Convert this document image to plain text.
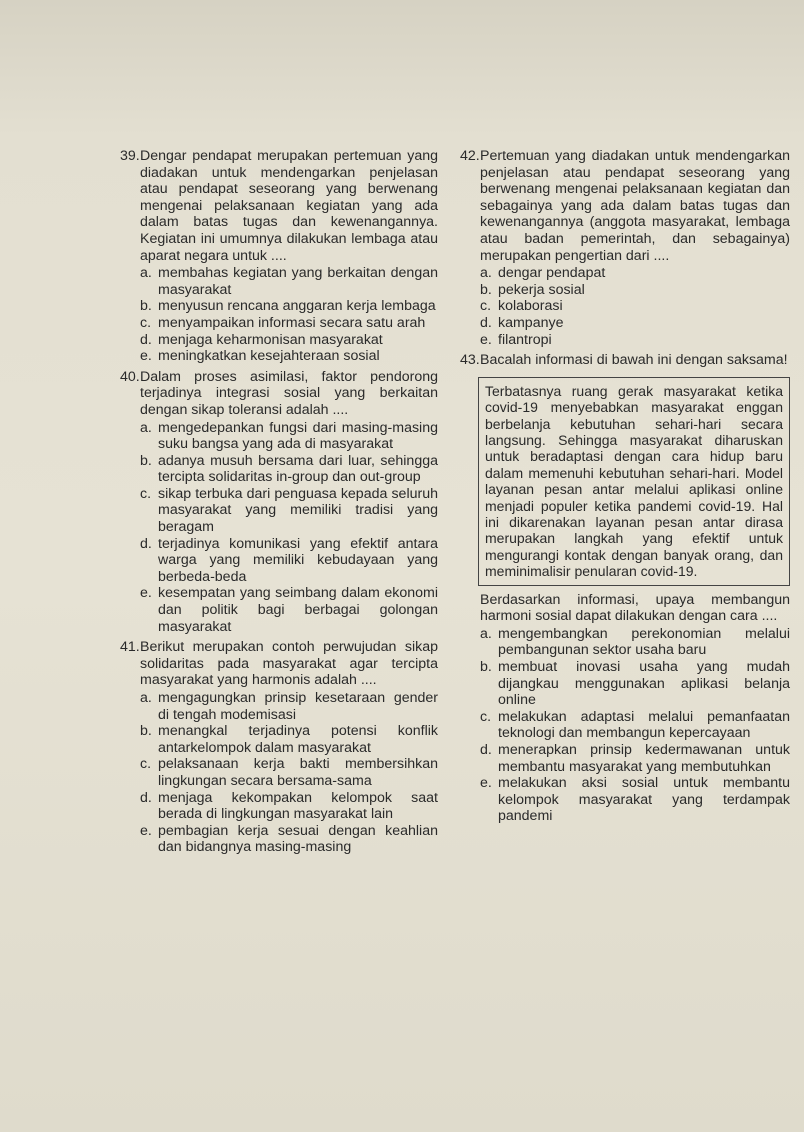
39. Dengar pendapat merupakan pertemuan yang diadakan untuk mendengarkan penjelasan atau pendapat seseorang yang berwenang mengenai pelaksanaan kegiatan yang ada dalam batas tugas dan kewenangannya. Kegiatan ini umumnya dilakukan lembaga atau aparat negara untuk ....
a. membahas kegiatan yang berkaitan dengan masyarakat
b. menyusun rencana anggaran kerja lembaga
c. menyampaikan informasi secara satu arah
d. menjaga keharmonisan masyarakat
e. meningkatkan kesejahteraan sosial
40. Dalam proses asimilasi, faktor pendorong terjadinya integrasi sosial yang berkaitan dengan sikap toleransi adalah ....
a. mengedepankan fungsi dari masing-masing suku bangsa yang ada di masyarakat
b. adanya musuh bersama dari luar, sehingga tercipta solidaritas in-group dan out-group
c. sikap terbuka dari penguasa kepada seluruh masyarakat yang memiliki tradisi yang beragam
d. terjadinya komunikasi yang efektif antara warga yang memiliki kebudayaan yang berbeda-beda
e. kesempatan yang seimbang dalam ekonomi dan politik bagi berbagai golongan masyarakat
41. Berikut merupakan contoh perwujudan sikap solidaritas pada masyarakat agar tercipta masyarakat yang harmonis adalah ....
a. mengagungkan prinsip kesetaraan gender di tengah modemisasi
b. menangkal terjadinya potensi konflik antarkelompok dalam masyarakat
c. pelaksanaan kerja bakti membersihkan lingkungan secara bersama-sama
d. menjaga kekompakan kelompok saat berada di lingkungan masyarakat lain
e. pembagian kerja sesuai dengan keahlian dan bidangnya masing-masing
42. Pertemuan yang diadakan untuk mendengarkan penjelasan atau pendapat seseorang yang berwenang mengenai pelaksanaan kegiatan dan sebagainya yang ada dalam batas tugas dan kewenangannya (anggota masyarakat, lembaga atau badan pemerintah, dan sebagainya) merupakan pengertian dari ....
a. dengar pendapat
b. pekerja sosial
c. kolaborasi
d. kampanye
e. filantropi
43. Bacalah informasi di bawah ini dengan saksama!
Terbatasnya ruang gerak masyarakat ketika covid-19 menyebabkan masyarakat enggan berbelanja kebutuhan sehari-hari secara langsung. Sehingga masyarakat diharuskan untuk beradaptasi dengan cara hidup baru dalam memenuhi kebutuhan sehari-hari. Model layanan pesan antar melalui aplikasi online menjadi populer ketika pandemi covid-19. Hal ini dikarenakan layanan pesan antar dirasa merupakan langkah yang efektif untuk mengurangi kontak dengan banyak orang, dan meminimalisir penularan covid-19.
Berdasarkan informasi, upaya membangun harmoni sosial dapat dilakukan dengan cara ....
a. mengembangkan perekonomian melalui pembangunan sektor usaha baru
b. membuat inovasi usaha yang mudah dijangkau menggunakan aplikasi belanja online
c. melakukan adaptasi melalui pemanfaatan teknologi dan membangun kepercayaan
d. menerapkan prinsip kedermawanan untuk membantu masyarakat yang membutuhkan
e. melakukan aksi sosial untuk membantu kelompok masyarakat yang terdampak pandemi
